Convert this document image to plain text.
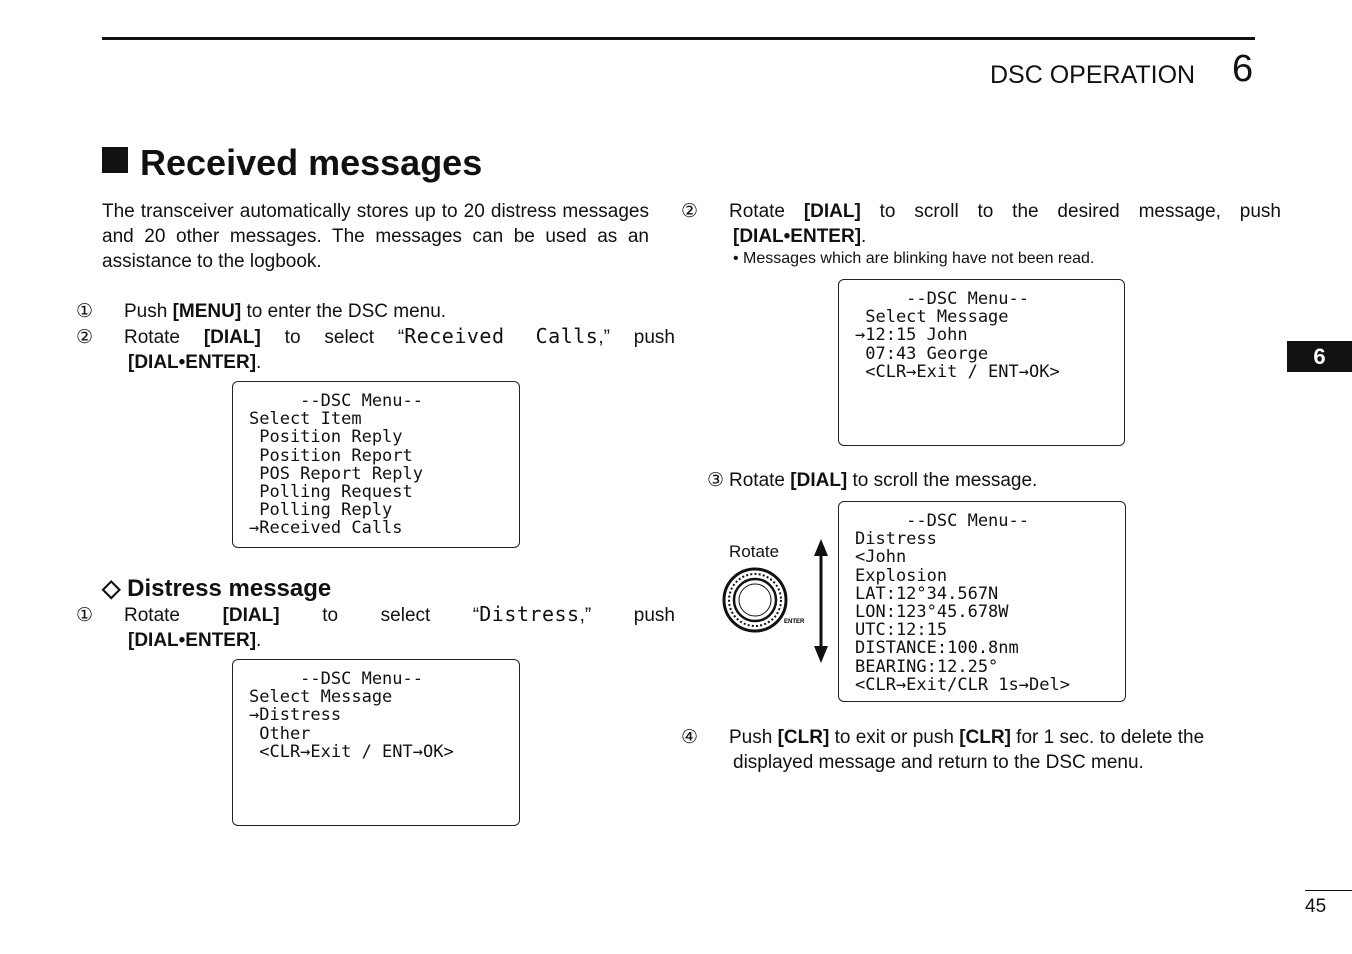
DSC OPERATION 6
Received messages
The transceiver automatically stores up to 20 distress messages and 20 other messages. The messages can be used as an assistance to the logbook.
① Push [MENU] to enter the DSC menu.
② Rotate [DIAL] to select “Received Calls,” push [DIAL•ENTER].
--DSC Menu--
Select Item
Position Reply
Position Report
POS Report Reply
Polling Request
Polling Reply
→Received Calls
◇ Distress message
① Rotate [DIAL] to select “Distress,” push [DIAL•ENTER].
--DSC Menu--
Select Message
→Distress
Other
<CLR→Exit / ENT→OK>
② Rotate [DIAL] to scroll to the desired message, push [DIAL•ENTER].
• Messages which are blinking have not been read.
--DSC Menu--
Select Message
→12:15 John
07:43 George
<CLR→Exit / ENT→OK>
③ Rotate [DIAL] to scroll the message.
Rotate
ENTER
--DSC Menu--
Distress
<John
Explosion
LAT:12°34.567N
LON:123°45.678W
UTC:12:15
DISTANCE:100.8nm
BEARING:12.25°
<CLR→Exit/CLR 1s→Del>
④ Push [CLR] to exit or push [CLR] for 1 sec. to delete the displayed message and return to the DSC menu.
6
45
